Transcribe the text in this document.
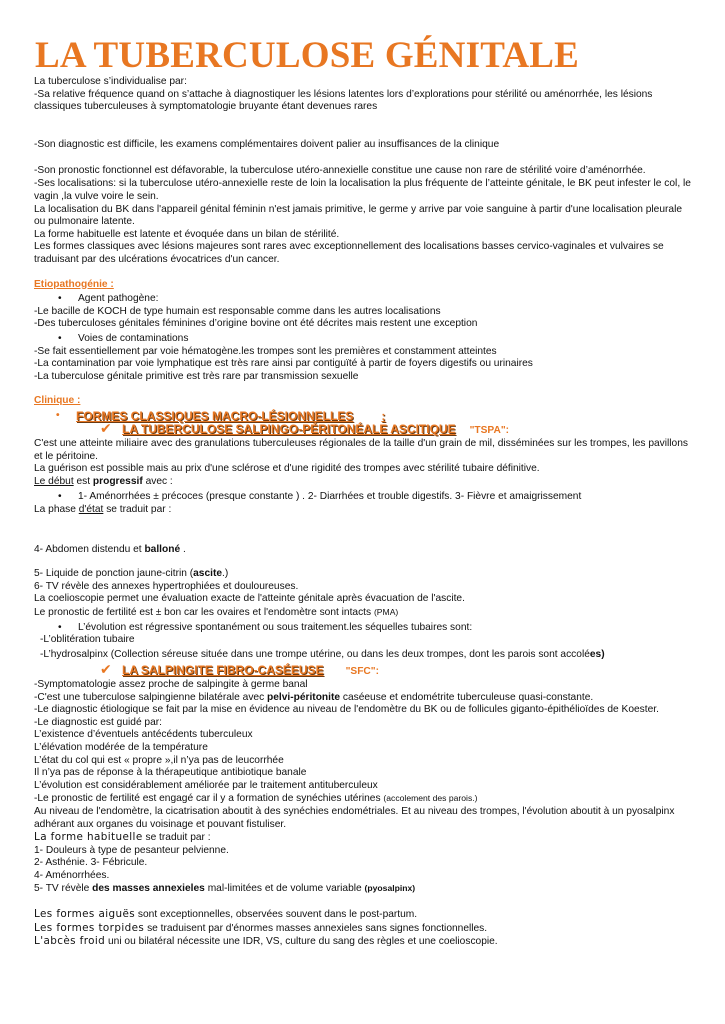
LA TUBERCULOSE GÉNITALE

La tuberculose s’individualise par:

-Sa relative fréquence quand on s’attache à diagnostiquer les lésions latentes lors d’explorations pour stérilité ou aménorrhée, les lésions classiques tuberculeuses à symptomatologie bruyante étant devenues rares

-Son diagnostic est difficile, les examens complémentaires doivent palier au insuffisances de la clinique

-Son pronostic fonctionnel est défavorable, la tuberculose utéro-annexielle constitue une cause non rare de stérilité voire d’aménorrhée.

-Ses localisations: si la tuberculose utéro-annexielle reste de loin la localisation la plus fréquente de l’atteinte génitale, le BK peut infester le col, le vagin ,la vulve voire le sein.

La localisation du BK dans l'appareil génital féminin n'est jamais primitive, le germe y arrive par voie sanguine à partir d'une localisation pleurale ou pulmonaire latente.

La forme habituelle est latente et évoquée dans un bilan de stérilité.

Les formes classiques avec lésions majeures sont rares avec exceptionnellement des localisations basses cervico-vaginales et vulvaires se traduisant par des ulcérations évocatrices d'un cancer.

Etiopathogénie :

•	Agent pathogène:

-Le bacille de KOCH de type humain est responsable comme dans les autres localisations

-Des tuberculoses génitales féminines d’origine bovine ont été décrites mais restent une exception

•	Voies de contaminations

-Se fait essentiellement par voie hématogène.les trompes sont les premières et constamment atteintes

-La contamination par voie lymphatique est très rare ainsi par contiguïté à partir de foyers digestifs ou urinaires

-La tuberculose génitale primitive est très rare par transmission sexuelle

Clinique :

•	FORMES CLASSIQUES MACRO-LÉSIONNELLES :
✔ LA TUBERCULOSE SALPINGO-PÉRITONÉALE ASCITIQUE "TSPA":

C'est une atteinte miliaire avec des granulations tuberculeuses régionales de la taille d'un grain de mil, disséminées sur les trompes, les pavillons et le péritoine.

La guérison est possible mais au prix d'une sclérose et d'une rigidité des trompes avec stérilité tubaire définitive.

Le début est progressif avec :

•	1- Aménorrhées ± précoces (presque constante ) . 2- Diarrhées et trouble digestifs. 3- Fièvre et amaigrissement

La phase d'état se traduit par :

4- Abdomen distendu et balloné .

5- Liquide de ponction jaune-citrin (ascite.)

6- TV révèle des annexes hypertrophiées et douloureuses.

La coelioscopie permet une évaluation exacte de l'atteinte génitale après évacuation de l'ascite.

Le pronostic de fertilité est ± bon car les ovaires et l'endomètre sont intacts (PMA)

•	L’évolution est régressive spontanément ou sous traitement.les séquelles tubaires sont:

-L’oblitération tubaire

-L’hydrosalpinx (Collection séreuse située dans une trompe utérine, ou dans les deux trompes, dont les parois sont accolées)

✔ LA SALPINGITE FIBRO-CASÉEUSE "SFC":

-Symptomatologie assez proche de salpingite à germe banal

-C'est une tuberculose salpingienne bilatérale avec pelvi-péritonite caséeuse et endométrite tuberculeuse quasi-constante.

-Le diagnostic étiologique se fait par la mise en évidence au niveau de l'endomètre du BK ou de follicules giganto-épithélioïdes de Koester.

-Le diagnostic est guidé par:

L’existence d’éventuels antécédents tuberculeux

L’élévation modérée de la température

L’état du col qui est « propre »,il n’ya pas de leucorrhée

Il n’ya pas de réponse à la thérapeutique antibiotique banale

L’évolution est considérablement améliorée par le traitement antituberculeux

-Le pronostic de fertilité est engagé car il y a formation de synéchies utérines (accolement des parois.)

Au niveau de l'endomètre, la cicatrisation aboutit à des synéchies endométriales. Et au niveau des trompes, l'évolution aboutit à un pyosalpinx adhérant aux organes du voisinage et pouvant fistuliser.

La forme habituelle se traduit par :

1- Douleurs à type de pesanteur pelvienne.

2- Asthénie. 3- Fébricule.

4- Aménorrhées.

5- TV révèle des masses annexieles mal-limitées et de volume variable (pyosalpinx)

Les formes aiguës sont exceptionnelles, observées souvent dans le post-partum.

Les formes torpides se traduisent par d'énormes masses annexieles sans signes fonctionnelles.

L'abcès froid uni ou bilatéral nécessite une IDR, VS, culture du sang des règles et une coelioscopie.
